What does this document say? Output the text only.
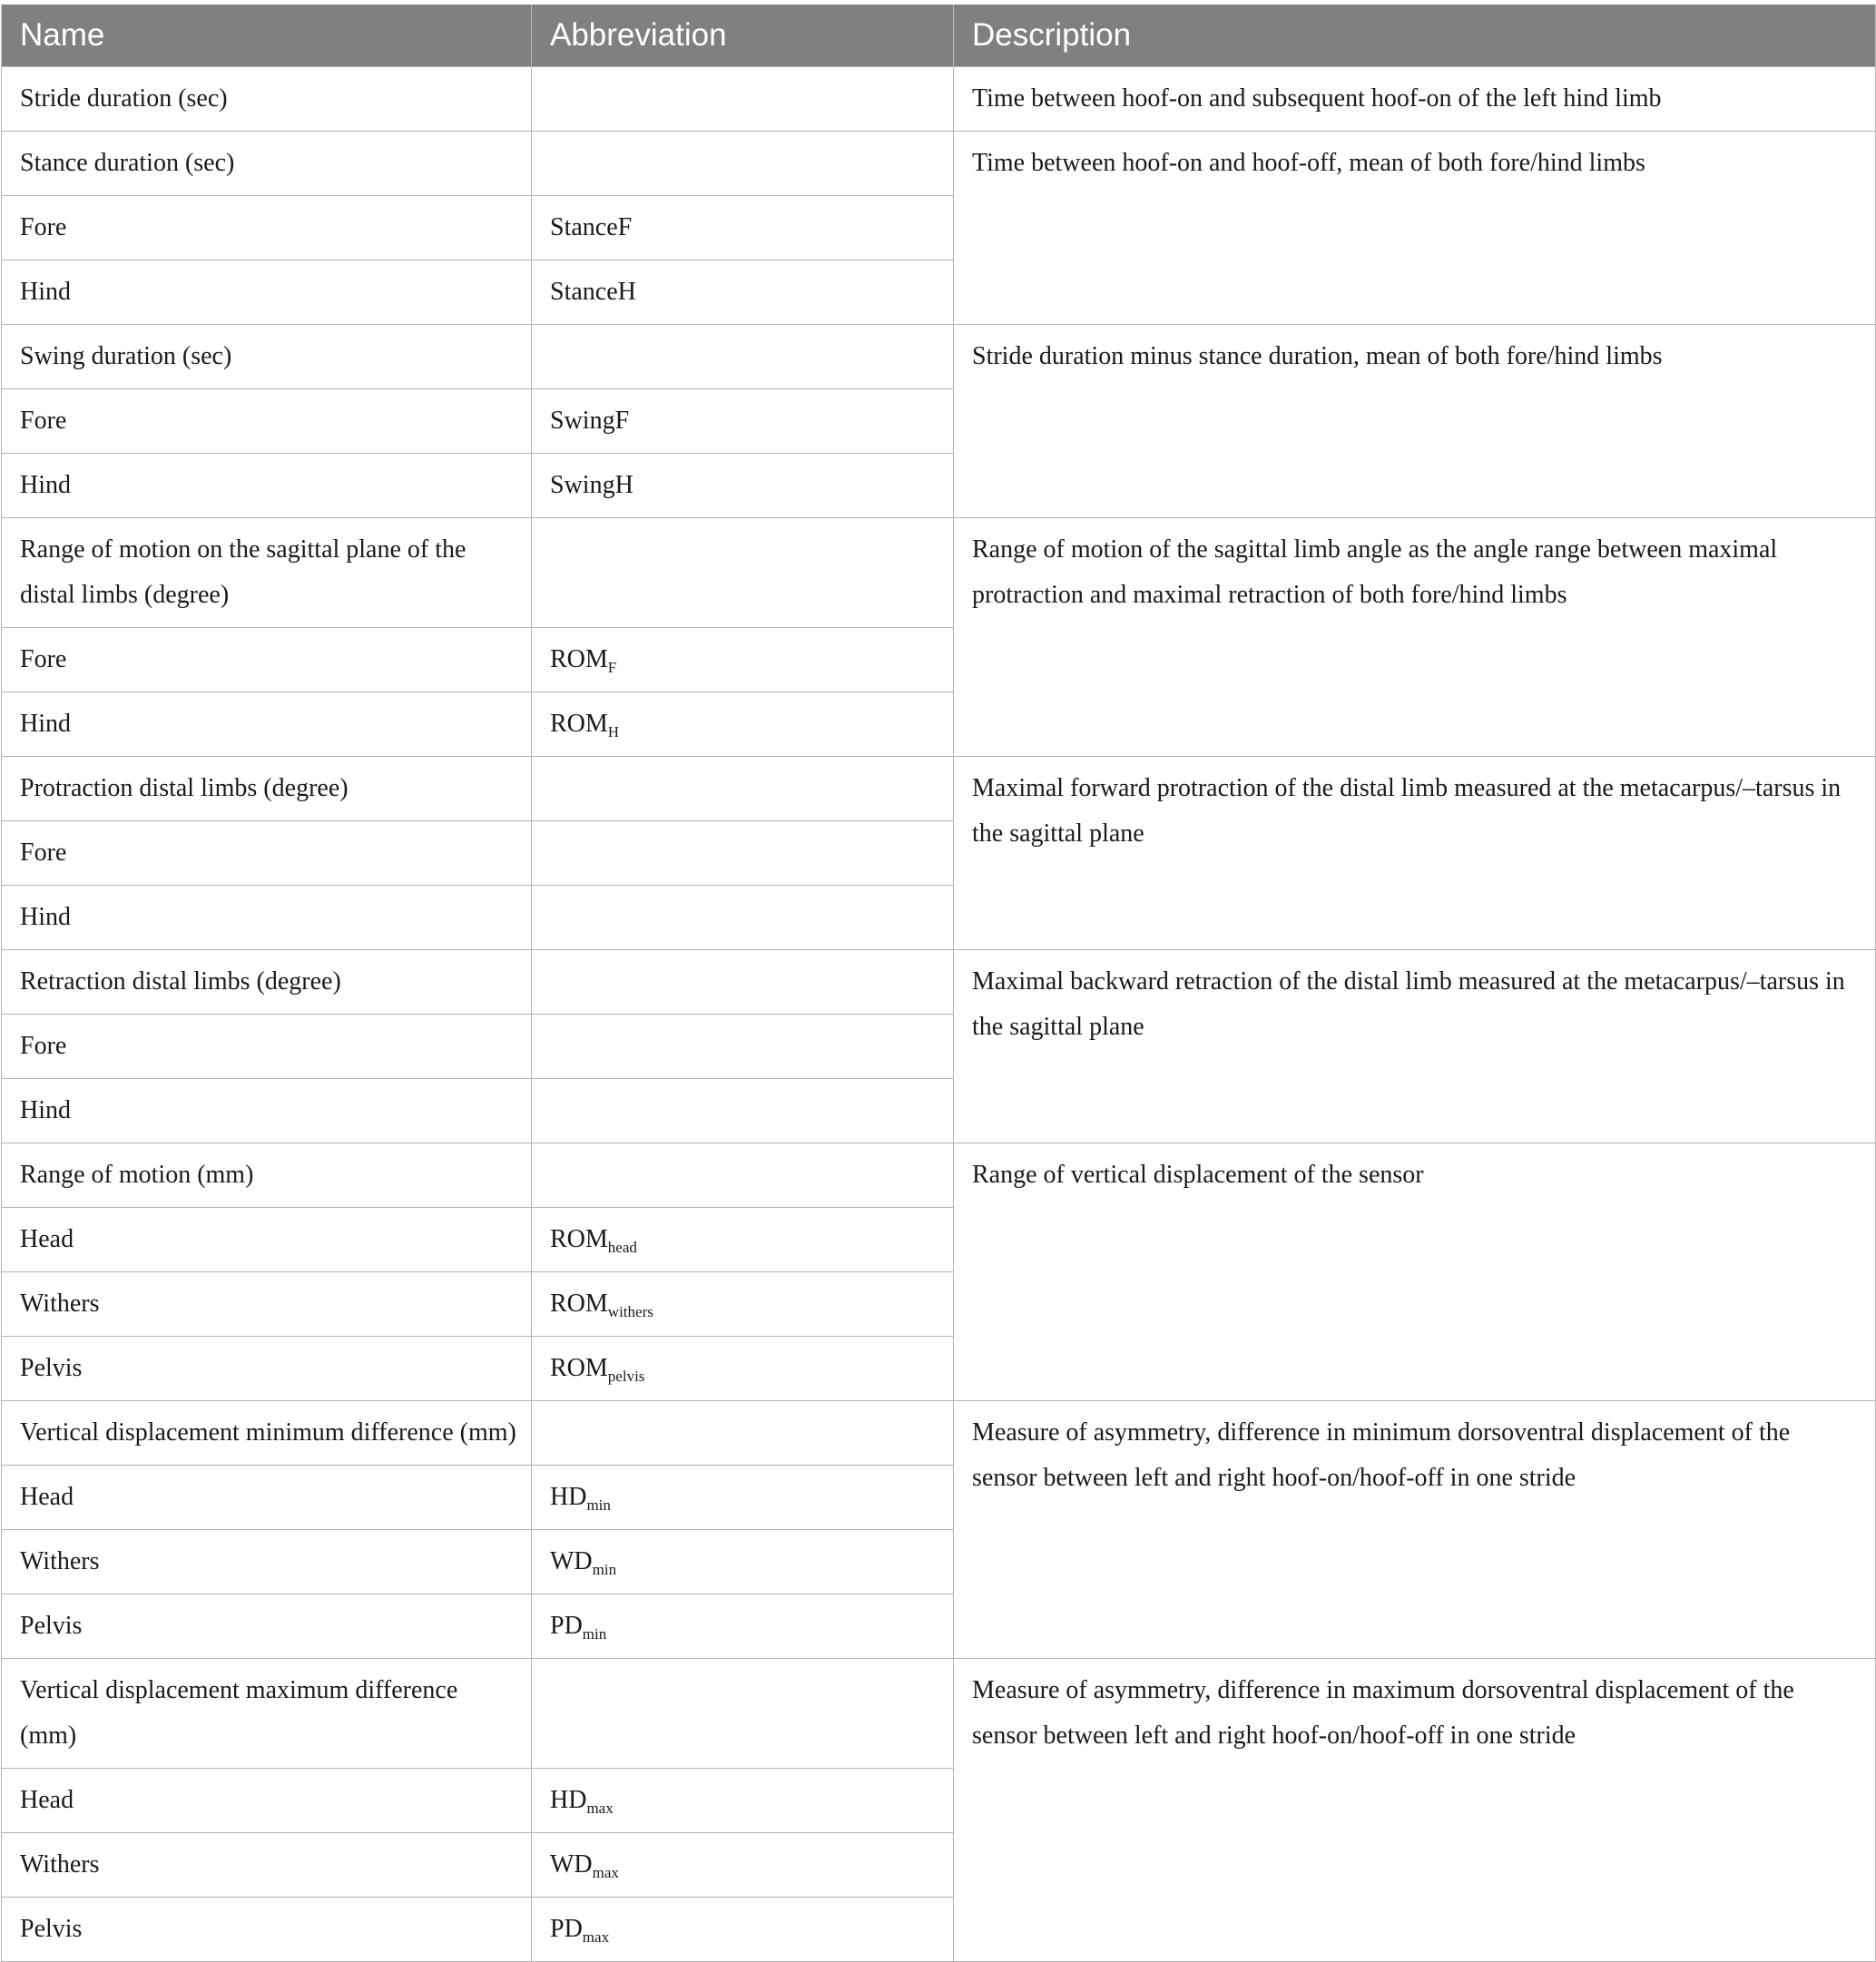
Name	Abbreviation	Description
Stride duration (sec)		Time between hoof-on and subsequent hoof-on of the left hind limb
Stance duration (sec)		Time between hoof-on and hoof-off, mean of both fore/hind limbs
Fore	StanceF	
Hind	StanceH	
Swing duration (sec)		Stride duration minus stance duration, mean of both fore/hind limbs
Fore	SwingF	
Hind	SwingH	
Range of motion on the sagittal plane of the distal limbs (degree)		Range of motion of the sagittal limb angle as the angle range between maximal protraction and maximal retraction of both fore/hind limbs
Fore	$ROM_F$
Hind	$ROM_H$
Protraction distal limbs (degree)		Maximal forward protraction of the distal limb measured at the metacarpus/–tarsus in the sagittal plane
Fore		
Hind		
Retraction distal limbs (degree)		Maximal backward retraction of the distal limb measured at the metacarpus/–tarsus in the sagittal plane
Fore		
Hind		
Range of motion (mm)		Range of vertical displacement of the sensor
Head	$ROM_{head}$
Withers	$ROM_{withers}$
Pelvis	$ROM_{pelvis}$
Vertical displacement minimum difference (mm)		Measure of asymmetry, difference in minimum dorsoventral displacement of the sensor between left and right hoof-on/hoof-off in one stride
Head	$HD_{min}$
Withers	$WD_{min}$
Pelvis	$PD_{min}$
Vertical displacement maximum difference (mm)		Measure of asymmetry, difference in maximum dorsoventral displacement of the sensor between left and right hoof-on/hoof-off in one stride
Head	$HD_{max}$
Withers	$WD_{max}$
Pelvis	$PD_{max}$
